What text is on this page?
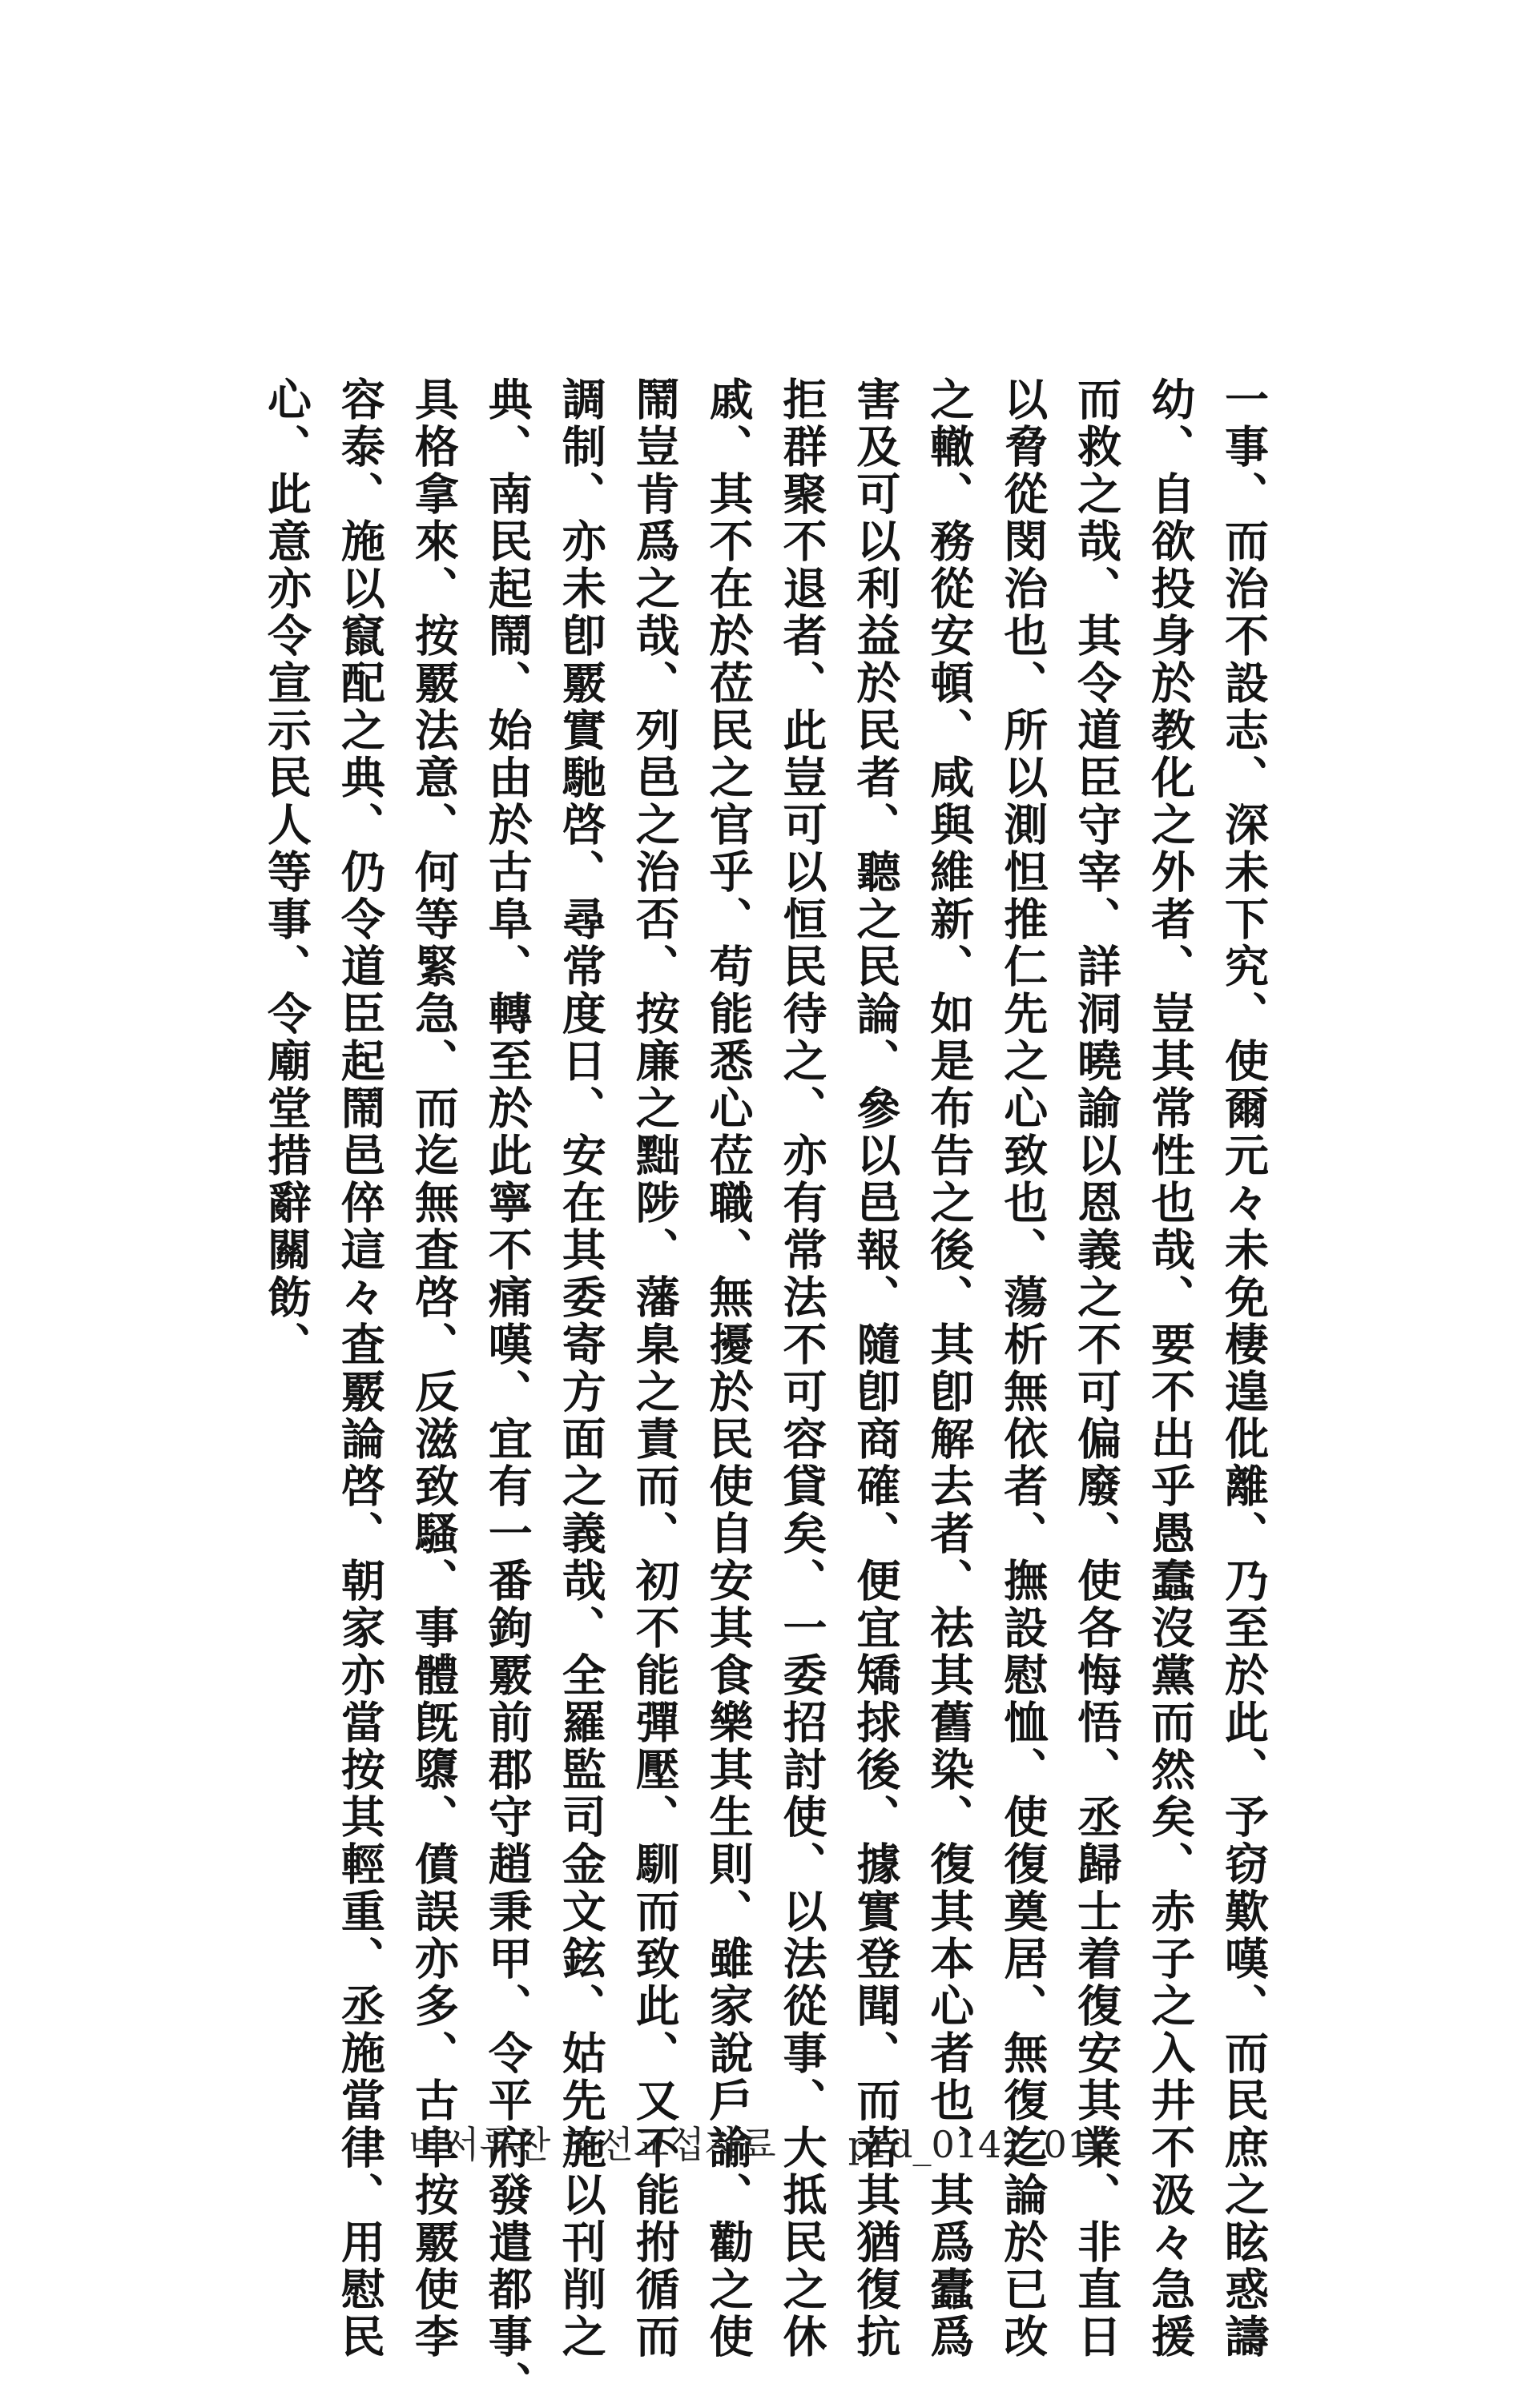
一事、而治不設志、深未下究、使爾元々未免棲遑仳離、乃至於此、予窃歎嘆、而民庶之眩惑譸
幼、自欲投身於教化之外者、豈其常性也哉、要不出乎愚蠢沒黨而然矣、赤子之入井不汲々急援
而救之哉、其令道臣守宰、詳洞曉諭以恩義之不可偏廢、使各悔悟、丞歸士着復安其業、非直日
以脅從閔治也、所以測怛推仁先之心致也、蕩析無依者、撫設慰恤、使復奠居、無復迄論於已改
之轍、務從安頓、咸與維新、如是布告之後、其卽解去者、祛其舊染、復其本心者也、其爲蠹爲
害及可以利益於民者、聽之民論、參以邑報、隨卽商確、便宜矯捄後、據實登聞、而若其猶復抗
拒群聚不退者、此豈可以恒民待之、亦有常法不可容貸矣、一委招討使、以法從事、大抵民之休
戚、其不在於莅民之官乎、苟能悉心莅職、無擾於民使自安其食樂其生則、雖家說戶諭、勸之使
鬧豈肯爲之哉、列邑之治否、按廉之黜陟、藩臬之責而、初不能彈壓、馴而致此、又不能拊循而
調制、亦未卽覈實馳啓、尋常度日、安在其委寄方面之義哉、全羅監司金文鉉、姑先施以刊削之
典、南民起鬧、始由於古阜、轉至於此寧不痛嘆、宜有一番鉤覈前郡守趙秉甲、令平府發遣都事、
具格拿來、按覈法意、何等緊急、而迄無査啓、反滋致騷、事體旣隳、僨誤亦多、古阜按覈使李
容泰、施以竄配之典、仍令道臣起鬧邑倅這々査覈論啓、朝家亦當按其輕重、丞施當律、用慰民
心、此意亦令宣示民人等事、令廟堂措辭關飭、
비서류찬 조선교섭자료 prd_0142_016
